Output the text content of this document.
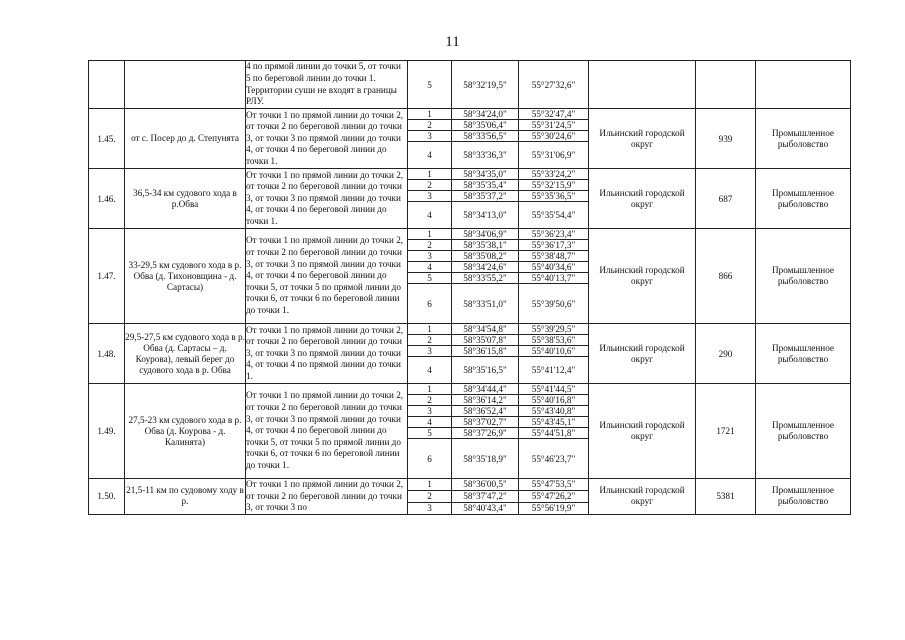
11
		4 по прямой линии до точки 5, от точки 5 по береговой линии до точки 1. Территории суши не входят в границы РЛУ.	5	58°32'19,5"	55°27'32,6"			
1.45.	от с. Посер до д. Степунята	От точки 1 по прямой линии до точки 2, от точки 2 по береговой линии до точки 3, от точки 3 по прямой линии до точки 4, от точки 4 по береговой линии до точки 1.	1	58°34'24,0"	55°32'47,4"	Ильинский городской округ	939	Промышленное рыболовство
			2	58°35'06,4"	55°31'24,5"			
			3	58°33'56,5"	55°30'24,6"			
			4	58°33'36,3"	55°31'06,9"			
1.46.	36,5-34 км судового хода в р.Обва	От точки 1 по прямой линии до точки 2, от точки 2 по береговой линии до точки 3, от точки 3 по прямой линии до точки 4, от точки 4 по береговой линии до точки 1.	1	58°34'35,0"	55°33'24,2"	Ильинский городской округ	687	Промышленное рыболовство
			2	58°35'35,4"	55°32'15,9"			
			3	58°35'37,2"	55°35'36,5"			
			4	58°34'13,0"	55°35'54,4"			
1.47.	33-29,5 км судового хода в р. Обва (д. Тихоновщина - д. Сартасы)	От точки 1 по прямой линии до точки 2, от точки 2 по береговой линии до точки 3, от точки 3 по прямой линии до точки 4, от точки 4 по береговой линии до точки 5, от точки 5 по прямой линии до точки 6, от точки 6 по береговой линии до точки 1.	1	58°34'06,9"	55°36'23,4"	Ильинский городской округ	866	Промышленное рыболовство
			2	58°35'38,1"	55°36'17,3"			
			3	58°35'08,2"	55°38'48,7"			
			4	58°34'24,6"	55°40'34,6"			
			5	58°33'55,2"	55°40'13,7"			
			6	58°33'51,0"	55°39'50,6"			
1.48.	29,5-27,5 км судового хода в р. Обва (д. Сартасы – д. Коурова), левый берег до судового хода в р. Обва	От точки 1 по прямой линии до точки 2, от точки 2 по береговой линии до точки 3, от точки 3 по прямой линии до точки 4, от точки 4 по прямой линии до точки 1.	1	58°34'54,8"	55°39'29,5"	Ильинский городской округ	290	Промышленное рыболовство
			2	58°35'07,8"	55°38'53,6"			
			3	58°36'15,8"	55°40'10,6"			
			4	58°35'16,5"	55°41'12,4"			
1.49.	27,5-23 км судового хода в р. Обва (д. Коурова - д. Калинята)	От точки 1 по прямой линии до точки 2, от точки 2 по береговой линии до точки 3, от точки 3 по прямой линии до точки 4, от точки 4 по береговой линии до точки 5, от точки 5 по прямой линии до точки 6, от точки 6 по береговой линии до точки 1.	1	58°34'44,4"	55°41'44,5"	Ильинский городской округ	1721	Промышленное рыболовство
			2	58°36'14,2"	55°40'16,8"			
			3	58°36'52,4"	55°43'40,8"			
			4	58°37'02,7"	55°43'45,1"			
			5	58°37'26,9"	55°44'51,8"			
			6	58°35'18,9"	55°46'23,7"			
1.50.	21,5-11 км по судовому ходу в р.	От точки 1 по прямой линии до точки 2, от точки 2 по береговой линии до точки 3, от точки 3 по	1	58°36'00,5"	55°47'53,5"	Ильинский городской округ	5381	Промышленное рыболовство
			2	58°37'47,2"	55°47'26,2"			
			3	58°40'43,4"	55°56'19,9"			
